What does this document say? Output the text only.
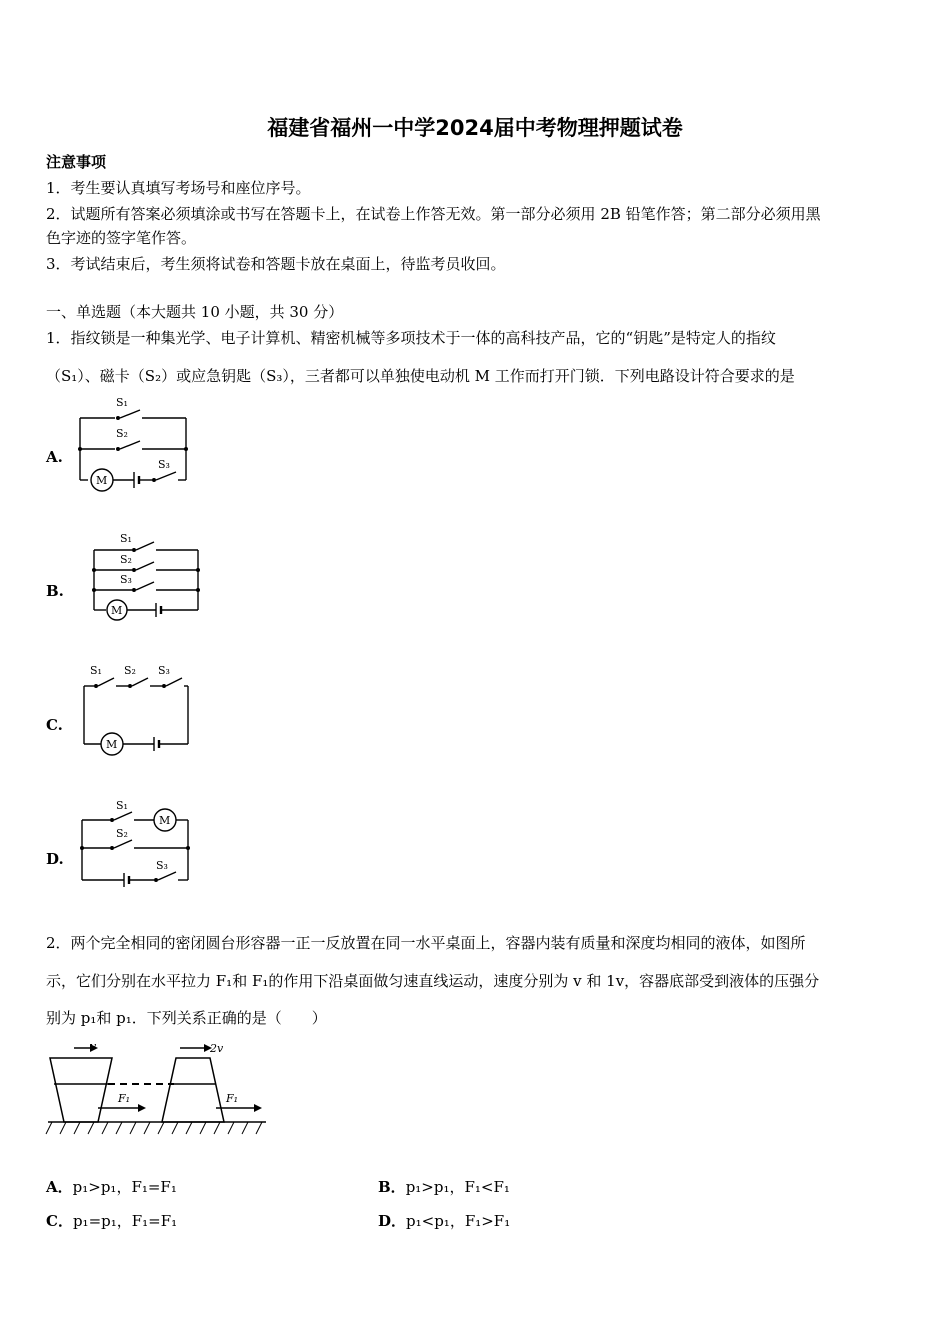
福建省福州一中学2024届中考物理押题试卷
注意事项
1．考生要认真填写考场号和座位序号。
2．试题所有答案必须填涂或书写在答题卡上，在试卷上作答无效。第一部分必须用 2B 铅笔作答；第二部分必须用黑
色字迹的签字笔作答。
3．考试结束后，考生须将试卷和答题卡放在桌面上，待监考员收回。
一、单选题（本大题共 10 小题，共 30 分）
1．指纹锁是一种集光学、电子计算机、精密机械等多项技术于一体的高科技产品，它的“钥匙”是特定人的指纹
（S₁）、磁卡（S₂）或应急钥匙（S₃），三者都可以单独使电动机 M 工作而打开门锁．下列电路设计符合要求的是
A.
S₁
S₂
S₃
M
B.
S₁
S₂
S₃
M
C.
S₁ S₂ S₃
M
D.
S₁
S₂
S₃
M
2．两个完全相同的密闭圆台形容器一正一反放置在同一水平桌面上，容器内装有质量和深度均相同的液体，如图所
示，它们分别在水平拉力 F₁和 F₁的作用下沿桌面做匀速直线运动，速度分别为 v 和 1v，容器底部受到液体的压强分
别为 p₁和 p₁．下列关系正确的是（　　）
v	2v
F₁	F₁
A．p₁>p₁，F₁=F₁	B．p₁>p₁，F₁<F₁
C．p₁=p₁，F₁=F₁	D．p₁<p₁，F₁>F₁
